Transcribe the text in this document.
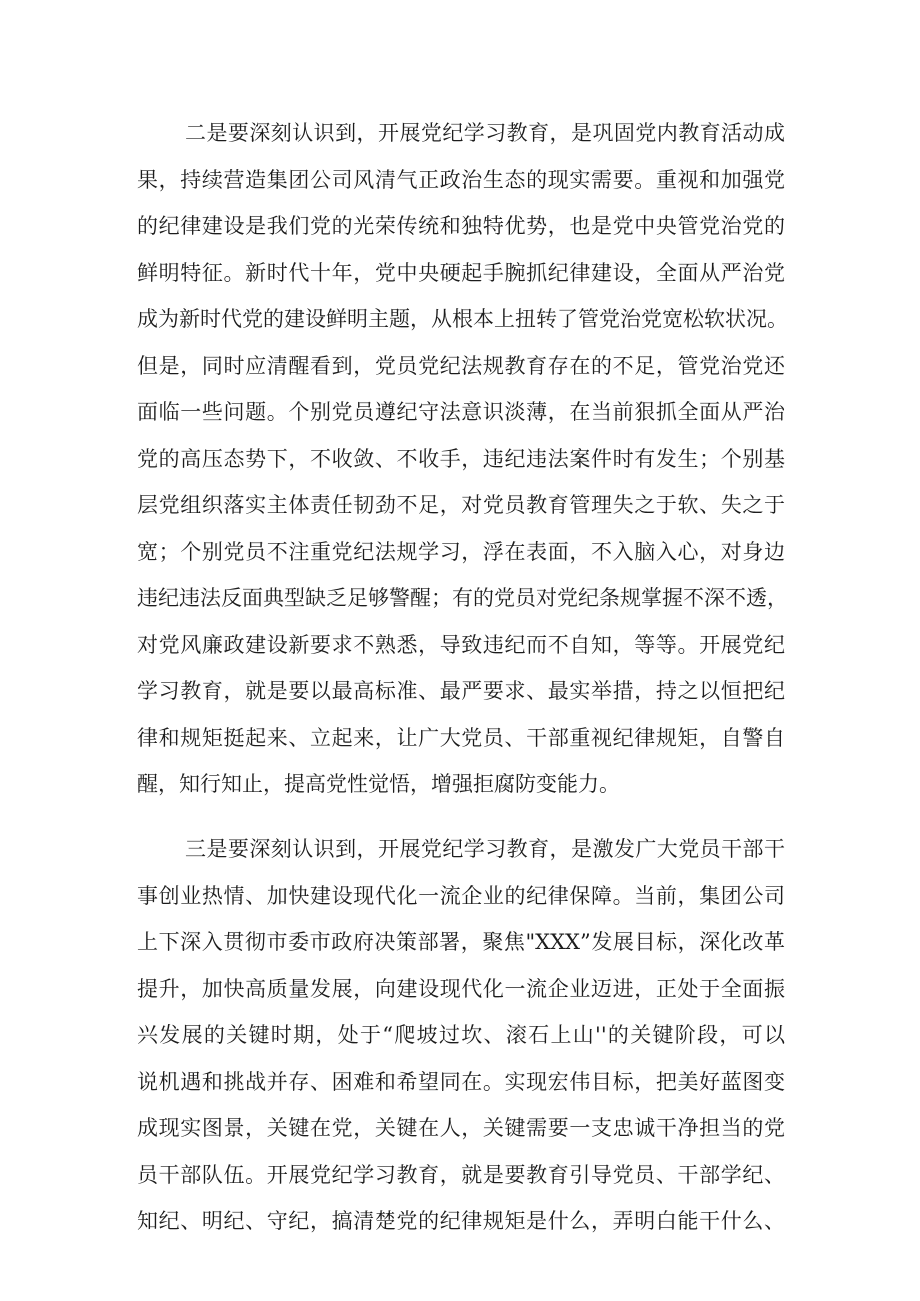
二是要深刻认识到，开展党纪学习教育，是巩固党内教育活动成
果，持续营造集团公司风清气正政治生态的现实需要。重视和加强党
的纪律建设是我们党的光荣传统和独特优势，也是党中央管党治党的
鲜明特征。新时代十年，党中央硬起手腕抓纪律建设，全面从严治党
成为新时代党的建设鲜明主题，从根本上扭转了管党治党宽松软状况。
但是，同时应清醒看到，党员党纪法规教育存在的不足，管党治党还
面临一些问题。个别党员遵纪守法意识淡薄，在当前狠抓全面从严治
党的高压态势下，不收敛、不收手，违纪违法案件时有发生；个别基
层党组织落实主体责任韧劲不足，对党员教育管理失之于软、失之于
宽；个别党员不注重党纪法规学习，浮在表面，不入脑入心，对身边
违纪违法反面典型缺乏足够警醒；有的党员对党纪条规掌握不深不透，
对党风廉政建设新要求不熟悉，导致违纪而不自知，等等。开展党纪
学习教育，就是要以最高标准、最严要求、最实举措，持之以恒把纪
律和规矩挺起来、立起来，让广大党员、干部重视纪律规矩，自警自
醒，知行知止，提高党性觉悟，增强拒腐防变能力。
三是要深刻认识到，开展党纪学习教育，是激发广大党员干部干
事创业热情、加快建设现代化一流企业的纪律保障。当前，集团公司
上下深入贯彻市委市政府决策部署，聚焦"XXX”发展目标，深化改革
提升，加快高质量发展，向建设现代化一流企业迈进，正处于全面振
兴发展的关键时期，处于“爬坡过坎、滚石上山''的关键阶段，可以
说机遇和挑战并存、困难和希望同在。实现宏伟目标，把美好蓝图变
成现实图景，关键在党，关键在人，关键需要一支忠诚干净担当的党
员干部队伍。开展党纪学习教育，就是要教育引导党员、干部学纪、
知纪、明纪、守纪，搞清楚党的纪律规矩是什么，弄明白能干什么、
